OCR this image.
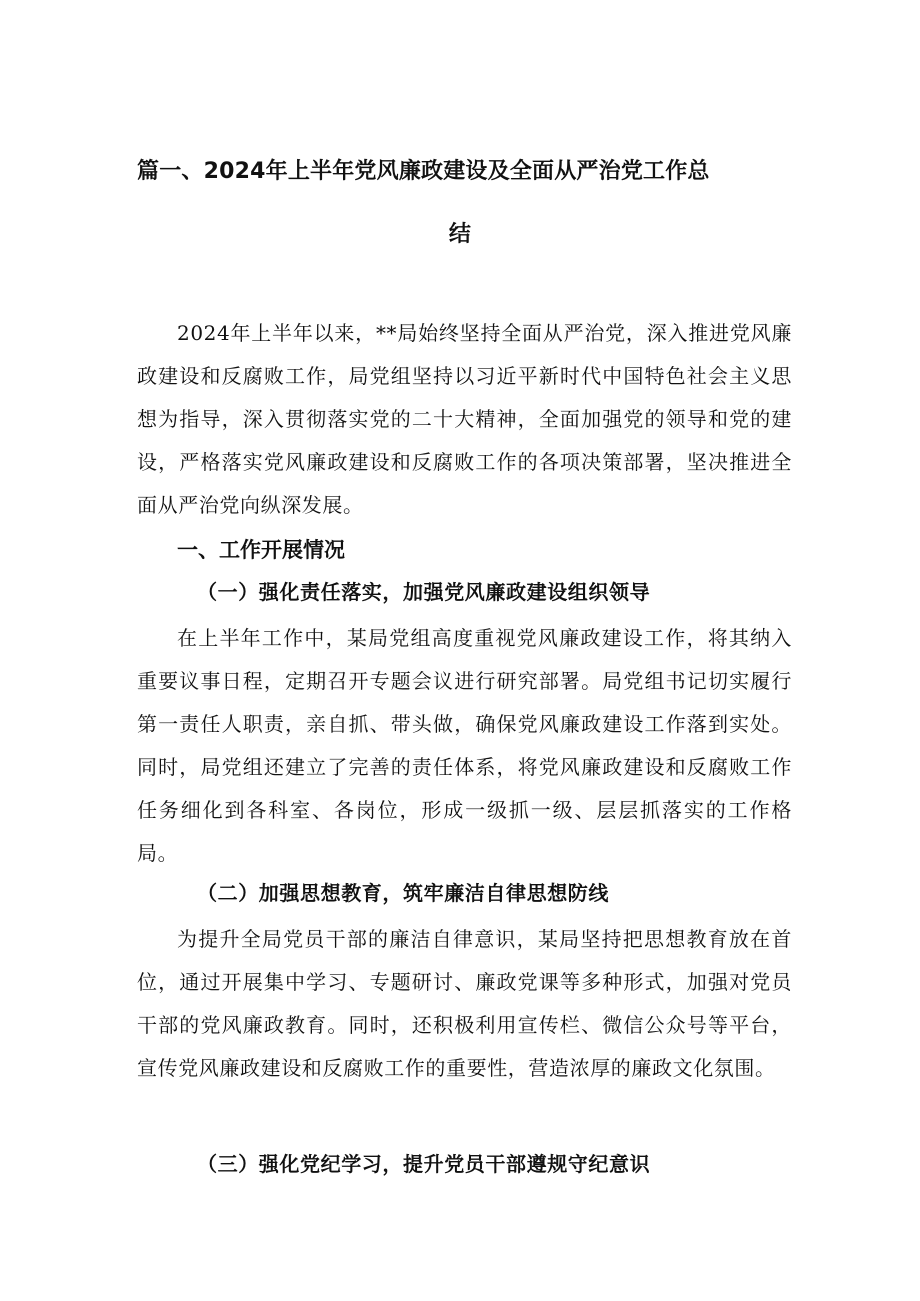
篇一、2024年上半年党风廉政建设及全面从严治党工作总
结

2024年上半年以来，**局始终坚持全面从严治党，深入推进党风廉政建设和反腐败工作，局党组坚持以习近平新时代中国特色社会主义思想为指导，深入贯彻落实党的二十大精神，全面加强党的领导和党的建设，严格落实党风廉政建设和反腐败工作的各项决策部署，坚决推进全面从严治党向纵深发展。

一、工作开展情况
（一）强化责任落实，加强党风廉政建设组织领导

在上半年工作中，某局党组高度重视党风廉政建设工作，将其纳入重要议事日程，定期召开专题会议进行研究部署。局党组书记切实履行第一责任人职责，亲自抓、带头做，确保党风廉政建设工作落到实处。同时，局党组还建立了完善的责任体系，将党风廉政建设和反腐败工作任务细化到各科室、各岗位，形成一级抓一级、层层抓落实的工作格局。

（二）加强思想教育，筑牢廉洁自律思想防线

为提升全局党员干部的廉洁自律意识，某局坚持把思想教育放在首位，通过开展集中学习、专题研讨、廉政党课等多种形式，加强对党员干部的党风廉政教育。同时，还积极利用宣传栏、微信公众号等平台，宣传党风廉政建设和反腐败工作的重要性，营造浓厚的廉政文化氛围。

（三）强化党纪学习，提升党员干部遵规守纪意识
